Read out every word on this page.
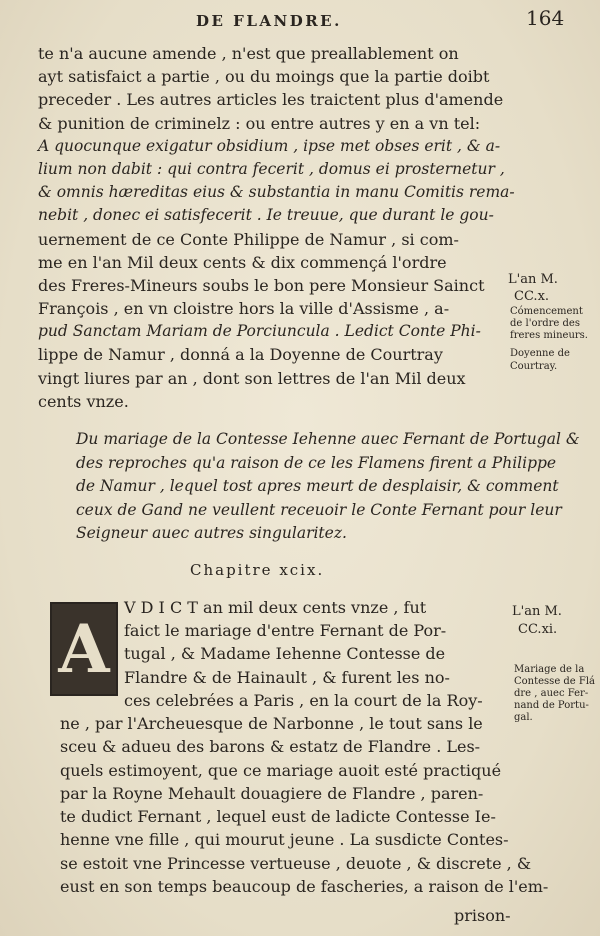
DE FLANDRE.	164
te n'a aucune amende , n'est que preallablement on
ayt satisfaict a partie , ou du moings que la partie doibt
preceder . Les autres articles les traictent plus d'amende
& punition de criminelz : ou entre autres y en a vn tel:
A quocunque exigatur obsidium , ipse met obses erit , & a-
lium non dabit : qui contra fecerit , domus ei prosternetur ,
& omnis hæreditas eius & substantia in manu Comitis rema-
nebit , donec ei satisfecerit . Ie treuue, que durant le gou-
uernement de ce Conte Philippe de Namur , si com-
me en l'an Mil deux cents & dix commençá l'ordre
des Freres-Mineurs soubs le bon pere Monsieur Sainct
François , en vn cloistre hors la ville d'Assisme , a-
pud Sanctam Mariam de Porciuncula . Ledict Conte Phi-
lippe de Namur , donná a la Doyenne de Courtray
vingt liures par an , dont son lettres de l'an Mil deux
cents vnze.
L'an M.
CC.x.
Cómencement
de l'ordre des
freres mineurs.
Doyenne de
Courtray.
Du mariage de la Contesse Iehenne auec Fernant de Portugal &
des reproches qu'a raison de ce les Flamens firent a Philippe
de Namur , lequel tost apres meurt de desplaisir, & comment
ceux de Gand ne veullent receuoir le Conte Fernant pour leur
Seigneur auec autres singularitez.
Chapitre xcix.
A
V D I C T an mil deux cents vnze , fut
faict le mariage d'entre Fernant de Por-
tugal , & Madame Iehenne Contesse de
Flandre & de Hainault , & furent les no-
ces celebrées a Paris , en la court de la Roy-
L'an M.
CC.xi.
Mariage de la
Contesse de Flá
dre , auec Fer-
nand de Portu-
gal.
ne , par l'Archeuesque de Narbonne , le tout sans le
sceu & adueu des barons & estatz de Flandre . Les-
quels estimoyent, que ce mariage auoit esté practiqué
par la Royne Mehault douagiere de Flandre , paren-
te dudict Fernant , lequel eust de ladicte Contesse Ie-
henne vne fille , qui mourut jeune . La susdicte Contes-
se estoit vne Princesse vertueuse , deuote , & discrete , &
eust en son temps beaucoup de fascheries, a raison de l'em-
prison-
